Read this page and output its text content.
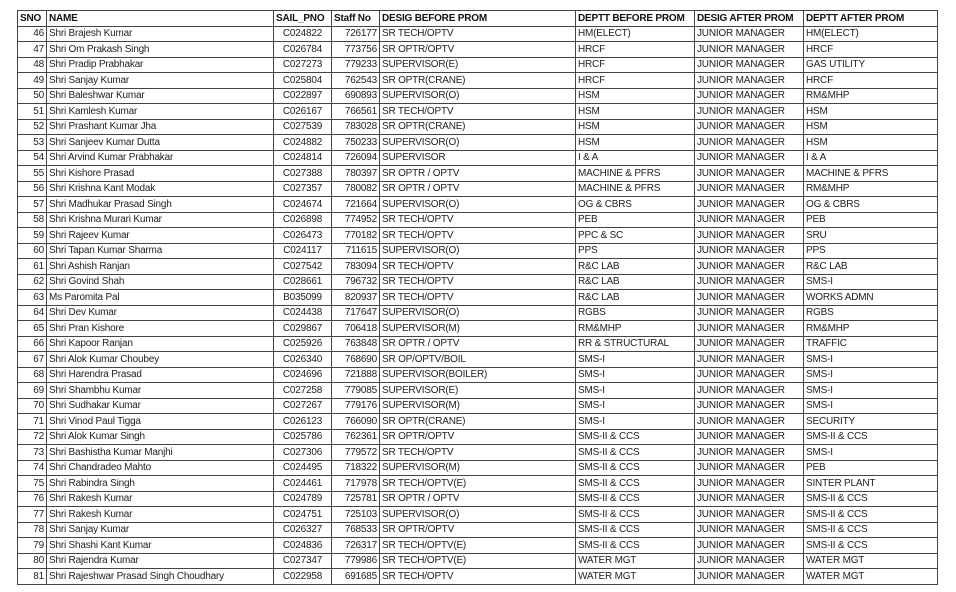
SNO	NAME	SAIL_PNO	Staff No	DESIG BEFORE PROM	DEPTT BEFORE PROM	DESIG AFTER PROM	DEPTT AFTER PROM
46	Shri Brajesh Kumar	C024822	726177	SR TECH/OPTV	HM(ELECT)	JUNIOR MANAGER	HM(ELECT)
47	Shri Om Prakash Singh	C026784	773756	SR OPTR/OPTV	HRCF	JUNIOR MANAGER	HRCF
48	Shri Pradip Prabhakar	C027273	779233	SUPERVISOR(E)	HRCF	JUNIOR MANAGER	GAS UTILITY
49	Shri Sanjay Kumar	C025804	762543	SR OPTR(CRANE)	HRCF	JUNIOR MANAGER	HRCF
50	Shri Baleshwar Kumar	C022897	690893	SUPERVISOR(O)	HSM	JUNIOR MANAGER	RM&MHP
51	Shri Kamlesh Kumar	C026167	766561	SR TECH/OPTV	HSM	JUNIOR MANAGER	HSM
52	Shri Prashant Kumar Jha	C027539	783028	SR OPTR(CRANE)	HSM	JUNIOR MANAGER	HSM
53	Shri Sanjeev Kumar Dutta	C024882	750233	SUPERVISOR(O)	HSM	JUNIOR MANAGER	HSM
54	Shri Arvind Kumar Prabhakar	C024814	726094	SUPERVISOR	I & A	JUNIOR MANAGER	I & A
55	Shri Kishore Prasad	C027388	780397	SR OPTR / OPTV	MACHINE & PFRS	JUNIOR MANAGER	MACHINE & PFRS
56	Shri Krishna Kant Modak	C027357	780082	SR OPTR / OPTV	MACHINE & PFRS	JUNIOR MANAGER	RM&MHP
57	Shri Madhukar Prasad Singh	C024674	721664	SUPERVISOR(O)	OG & CBRS	JUNIOR MANAGER	OG & CBRS
58	Shri Krishna Murari Kumar	C026898	774952	SR TECH/OPTV	PEB	JUNIOR MANAGER	PEB
59	Shri Rajeev Kumar	C026473	770182	SR TECH/OPTV	PPC & SC	JUNIOR MANAGER	SRU
60	Shri Tapan Kumar Sharma	C024117	711615	SUPERVISOR(O)	PPS	JUNIOR MANAGER	PPS
61	Shri Ashish Ranjan	C027542	783094	SR TECH/OPTV	R&C LAB	JUNIOR MANAGER	R&C LAB
62	Shri Govind Shah	C028661	796732	SR TECH/OPTV	R&C LAB	JUNIOR MANAGER	SMS-I
63	Ms Paromita Pal	B035099	820937	SR TECH/OPTV	R&C LAB	JUNIOR MANAGER	WORKS ADMN
64	Shri Dev Kumar	C024438	717647	SUPERVISOR(O)	RGBS	JUNIOR MANAGER	RGBS
65	Shri Pran Kishore	C029867	706418	SUPERVISOR(M)	RM&MHP	JUNIOR MANAGER	RM&MHP
66	Shri Kapoor Ranjan	C025926	763848	SR OPTR / OPTV	RR & STRUCTURAL	JUNIOR MANAGER	TRAFFIC
67	Shri Alok Kumar Choubey	C026340	768690	SR OP/OPTV/BOIL	SMS-I	JUNIOR MANAGER	SMS-I
68	Shri Harendra Prasad	C024696	721888	SUPERVISOR(BOILER)	SMS-I	JUNIOR MANAGER	SMS-I
69	Shri Shambhu Kumar	C027258	779085	SUPERVISOR(E)	SMS-I	JUNIOR MANAGER	SMS-I
70	Shri Sudhakar Kumar	C027267	779176	SUPERVISOR(M)	SMS-I	JUNIOR MANAGER	SMS-I
71	Shri Vinod Paul Tigga	C026123	766090	SR OPTR(CRANE)	SMS-I	JUNIOR MANAGER	SECURITY
72	Shri Alok Kumar Singh	C025786	762361	SR OPTR/OPTV	SMS-II & CCS	JUNIOR MANAGER	SMS-II & CCS
73	Shri Bashistha Kumar Manjhi	C027306	779572	SR TECH/OPTV	SMS-II & CCS	JUNIOR MANAGER	SMS-I
74	Shri Chandradeo Mahto	C024495	718322	SUPERVISOR(M)	SMS-II & CCS	JUNIOR MANAGER	PEB
75	Shri Rabindra Singh	C024461	717978	SR TECH/OPTV(E)	SMS-II & CCS	JUNIOR MANAGER	SINTER PLANT
76	Shri Rakesh Kumar	C024789	725781	SR OPTR / OPTV	SMS-II & CCS	JUNIOR MANAGER	SMS-II & CCS
77	Shri Rakesh Kumar	C024751	725103	SUPERVISOR(O)	SMS-II & CCS	JUNIOR MANAGER	SMS-II & CCS
78	Shri Sanjay Kumar	C026327	768533	SR OPTR/OPTV	SMS-II & CCS	JUNIOR MANAGER	SMS-II & CCS
79	Shri Shashi Kant Kumar	C024836	726317	SR TECH/OPTV(E)	SMS-II & CCS	JUNIOR MANAGER	SMS-II & CCS
80	Shri Rajendra Kumar	C027347	779986	SR TECH/OPTV(E)	WATER MGT	JUNIOR MANAGER	WATER MGT
81	Shri Rajeshwar Prasad Singh Choudhary	C022958	691685	SR TECH/OPTV	WATER MGT	JUNIOR MANAGER	WATER MGT
